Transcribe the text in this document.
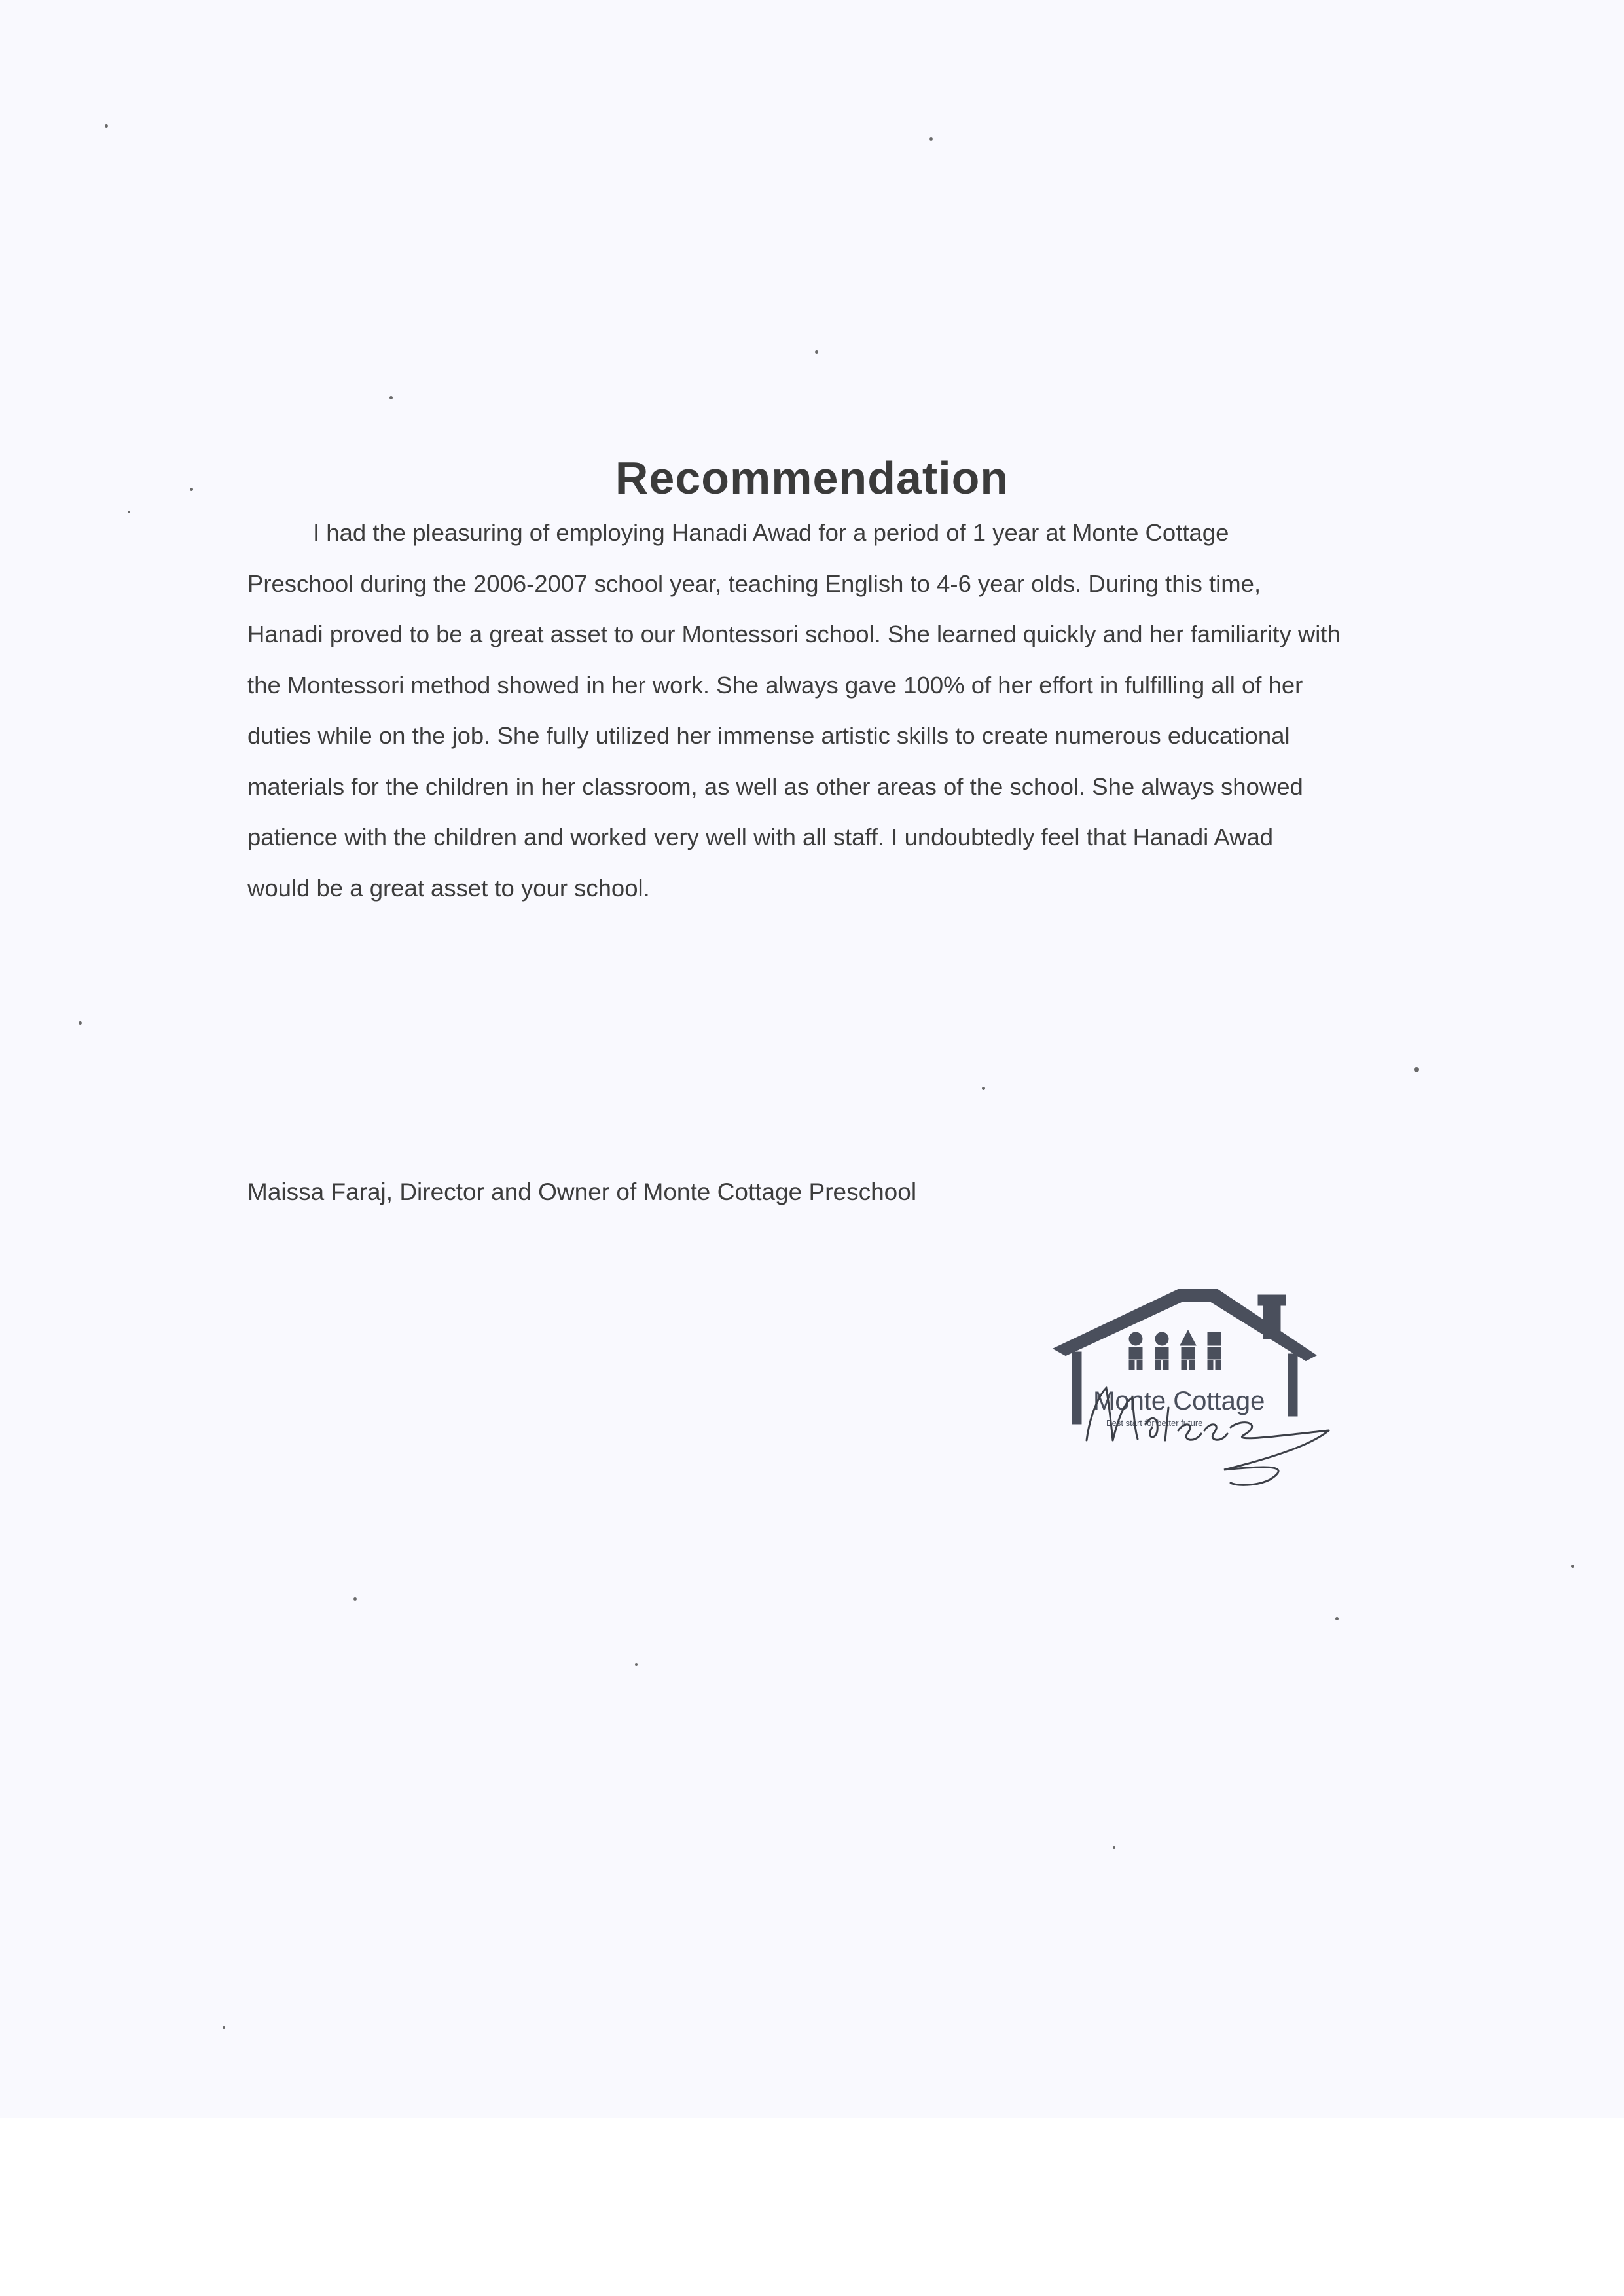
Recommendation

I had the pleasuring of employing Hanadi Awad for a period of 1 year at Monte Cottage Preschool during the 2006-2007 school year, teaching English to 4-6 year olds. During this time, Hanadi proved to be a great asset to our Montessori school. She learned quickly and her familiarity with the Montessori method showed in her work. She always gave 100% of her effort in fulfilling all of her duties while on the job. She fully utilized her immense artistic skills to create numerous educational materials for the children in her classroom, as well as other areas of the school. She always showed patience with the children and worked very well with all staff. I undoubtedly feel that Hanadi Awad would be a great asset to your school.

Maissa Faraj, Director and Owner of Monte Cottage Preschool

Monte Cottage
Best start for better future
